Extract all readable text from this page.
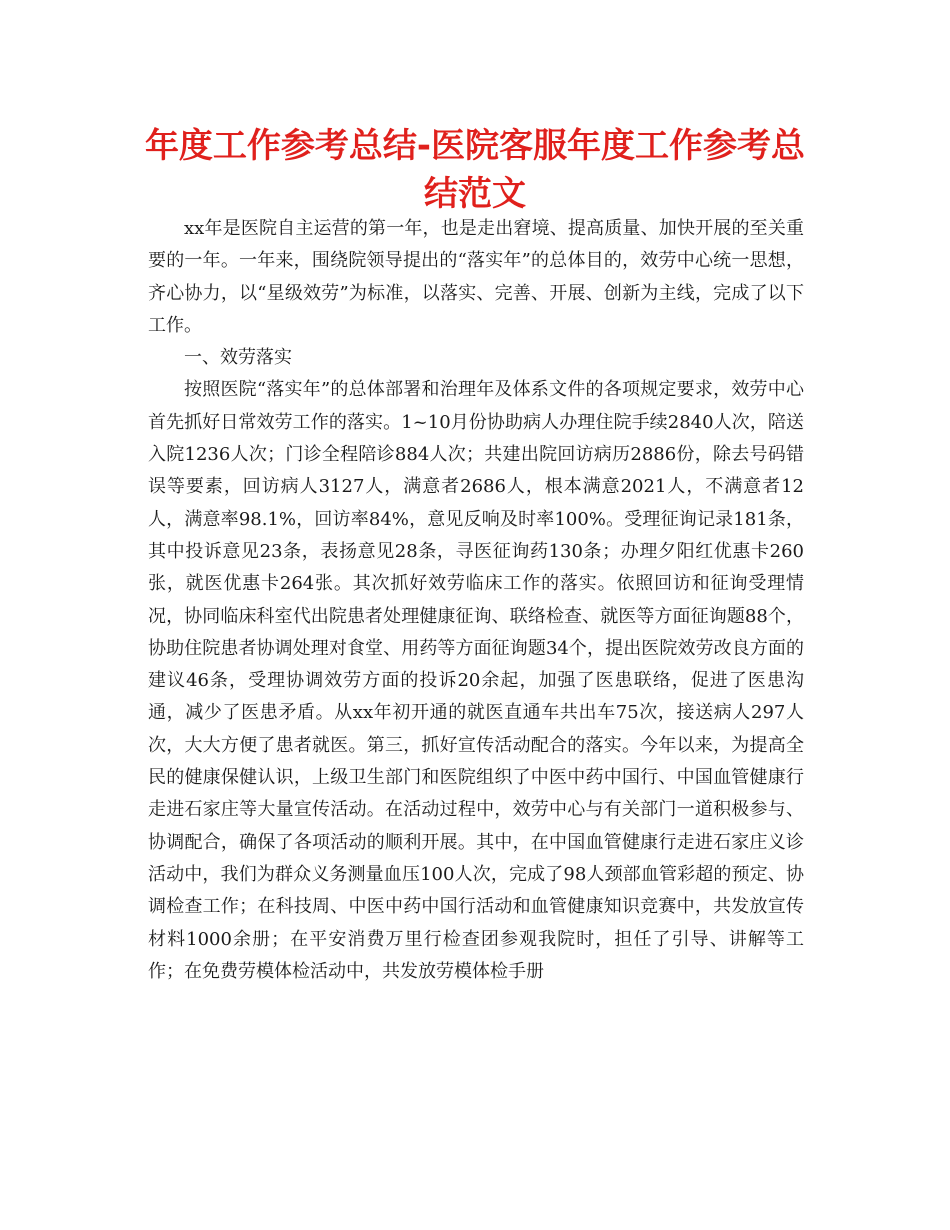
年度工作参考总结-医院客服年度工作参考总结范文

xx年是医院自主运营的第一年，也是走出窘境、提高质量、加快开展的至关重要的一年。一年来，围绕院领导提出的“落实年”的总体目的，效劳中心统一思想，齐心协力，以“星级效劳”为标准，以落实、完善、开展、创新为主线，完成了以下工作。

一、效劳落实

按照医院“落实年”的总体部署和治理年及体系文件的各项规定要求，效劳中心首先抓好日常效劳工作的落实。1~10月份协助病人办理住院手续2840人次，陪送入院1236人次；门诊全程陪诊884人次；共建出院回访病历2886份，除去号码错误等要素，回访病人3127人，满意者2686人，根本满意2021人，不满意者12人，满意率98.1%，回访率84%，意见反响及时率100%。受理征询记录181条，其中投诉意见23条，表扬意见28条，寻医征询药130条；办理夕阳红优惠卡260张，就医优惠卡264张。其次抓好效劳临床工作的落实。依照回访和征询受理情况，协同临床科室代出院患者处理健康征询、联络检查、就医等方面征询题88个，协助住院患者协调处理对食堂、用药等方面征询题34个，提出医院效劳改良方面的建议46条，受理协调效劳方面的投诉20余起，加强了医患联络，促进了医患沟通，减少了医患矛盾。从xx年初开通的就医直通车共出车75次，接送病人297人次，大大方便了患者就医。第三，抓好宣传活动配合的落实。今年以来，为提高全民的健康保健认识，上级卫生部门和医院组织了中医中药中国行、中国血管健康行走进石家庄等大量宣传活动。在活动过程中，效劳中心与有关部门一道积极参与、协调配合，确保了各项活动的顺利开展。其中，在中国血管健康行走进石家庄义诊活动中，我们为群众义务测量血压100人次，完成了98人颈部血管彩超的预定、协调检查工作；在科技周、中医中药中国行活动和血管健康知识竞赛中，共发放宣传材料1000余册；在平安消费万里行检查团参观我院时，担任了引导、讲解等工作；在免费劳模体检活动中，共发放劳模体检手册
